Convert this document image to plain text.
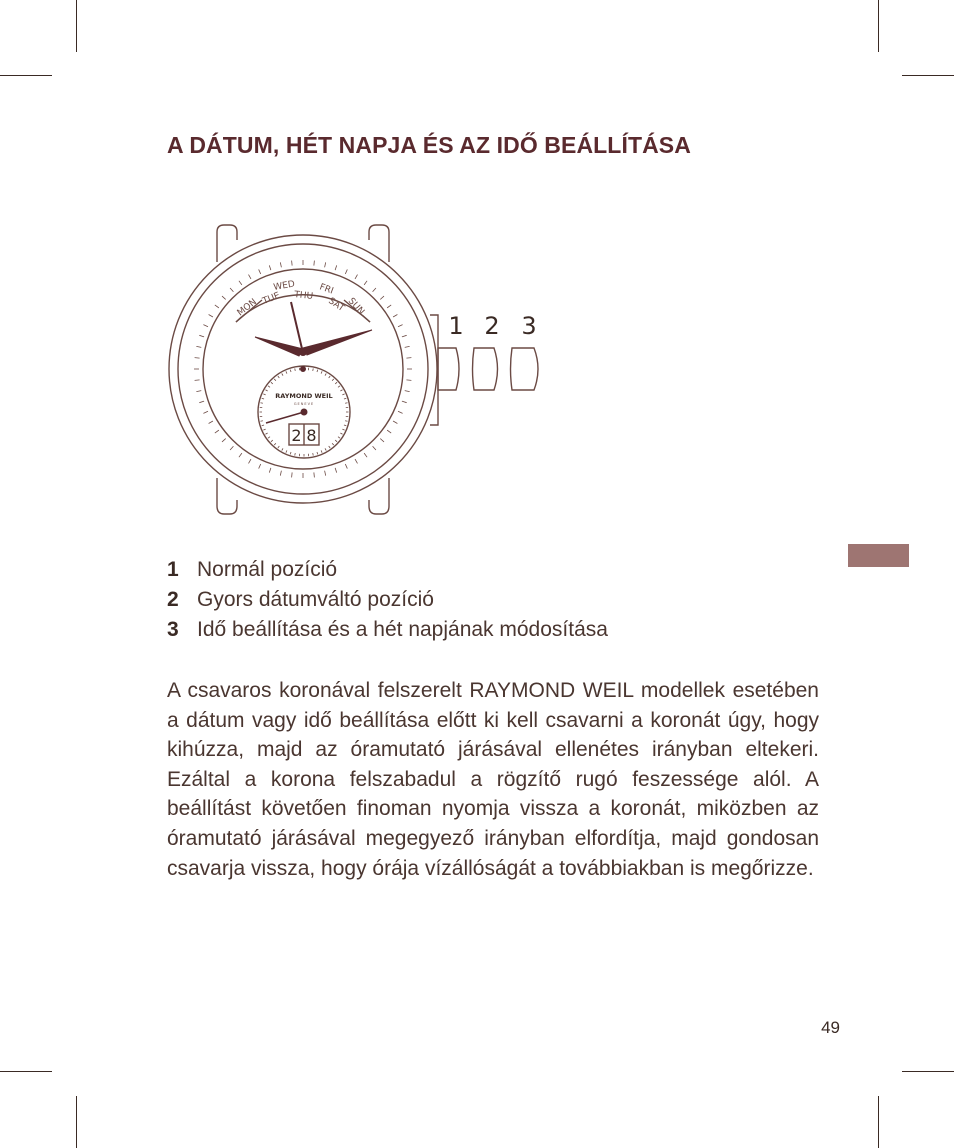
A DÁTUM, HÉT NAPJA ÉS AZ IDŐ BEÁLLÍTÁSA
MON TUE
WED
THU FRI
SAT SUN
1 2 3
RAYMOND WEIL
GENEVE
2 8
1 Normál pozíció
2 Gyors dátumváltó pozíció
3 Idő beállítása és a hét napjának módosítása

A csavaros koronával felszerelt RAYMOND WEIL modellek esetében a dátum vagy idő beállítása előtt ki kell csavarni a koronát úgy, hogy kihúzza, majd az óramutató járásával ellenétes irányban eltekeri. Ezáltal a korona felszabadul a rögzítő rugó feszessége alól. A beállítást követően finoman nyomja vissza a koronát, miközben az óramutató járásával megegyező irányban elfordítja, majd gondosan csavarja vissza, hogy órája vízállóságát a továbbiakban is megőrizze.

49
